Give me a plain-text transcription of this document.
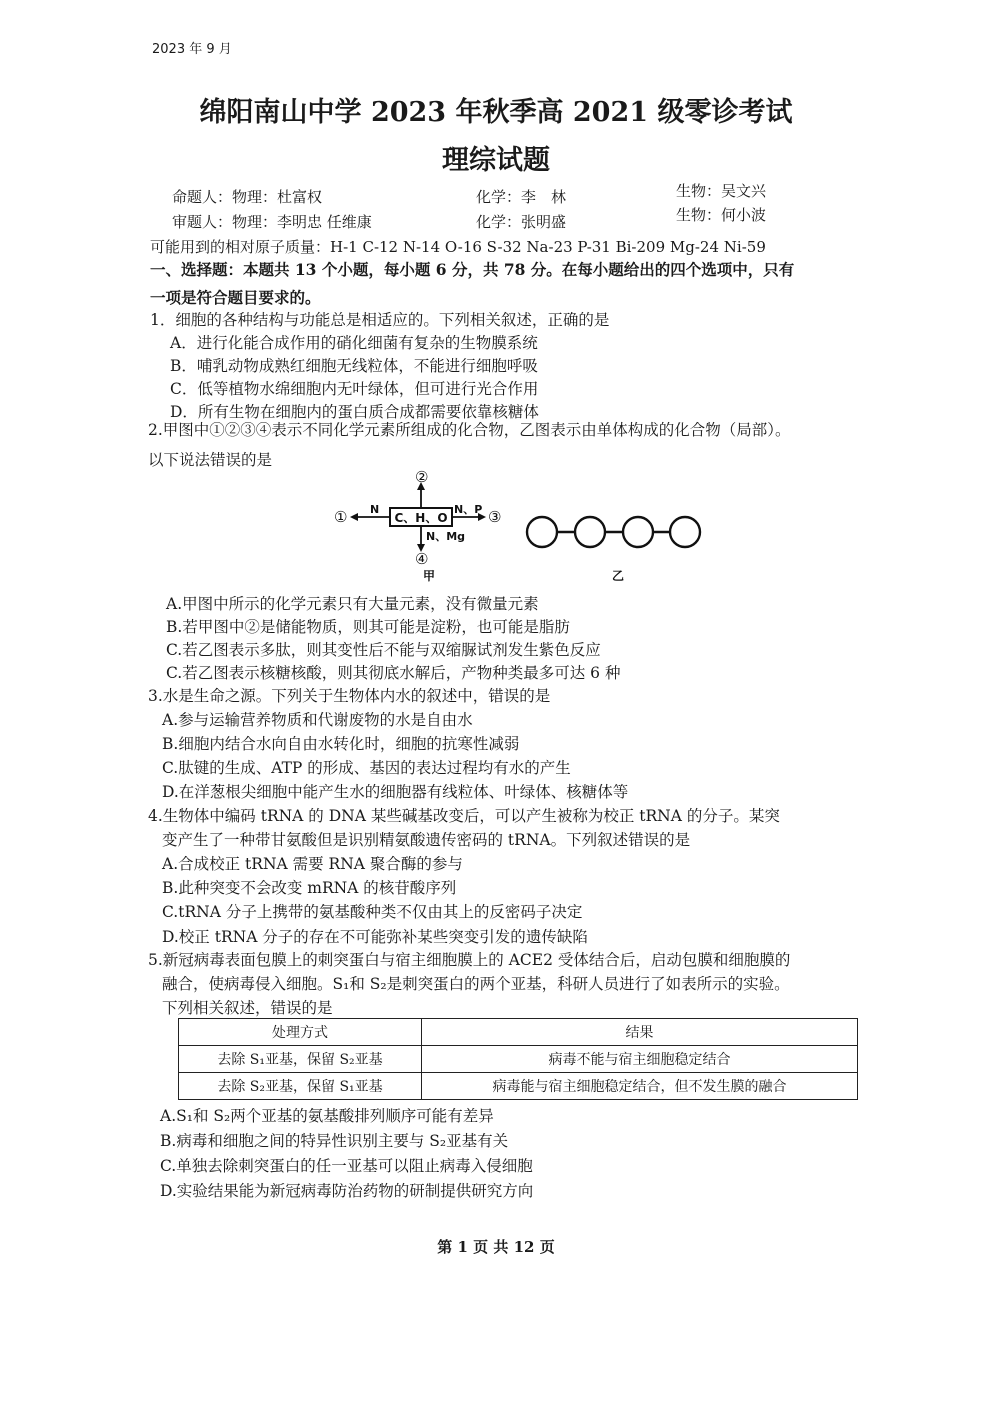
2023 年 9 月
绵阳南山中学 2023 年秋季高 2021 级零诊考试
理综试题
命题人：物理：杜富权	化学：李　林	生物：吴文兴
审题人：物理：李明忠 任维康	化学：张明盛	生物：何小波
可能用到的相对原子质量：H-1 C-12 N-14 O-16 S-32 Na-23 P-31 Bi-209 Mg-24 Ni-59
一、选择题：本题共 13 个小题，每小题 6 分，共 78 分。在每小题给出的四个选项中，只有
一项是符合题目要求的。
1．细胞的各种结构与功能总是相适应的。下列相关叙述，正确的是
A．进行化能合成作用的硝化细菌有复杂的生物膜系统
B．哺乳动物成熟红细胞无线粒体，不能进行细胞呼吸
C．低等植物水绵细胞内无叶绿体，但可进行光合作用
D．所有生物在细胞内的蛋白质合成都需要依靠核糖体
2.甲图中①②③④表示不同化学元素所组成的化合物，乙图表示由单体构成的化合物（局部）。
以下说法错误的是
C、H、O
N
①
②
N、P ③
N、Mg
④
甲	乙
A.甲图中所示的化学元素只有大量元素，没有微量元素
B.若甲图中②是储能物质，则其可能是淀粉，也可能是脂肪
C.若乙图表示多肽，则其变性后不能与双缩脲试剂发生紫色反应
C.若乙图表示核糖核酸，则其彻底水解后，产物种类最多可达 6 种
3.水是生命之源。下列关于生物体内水的叙述中，错误的是
A.参与运输营养物质和代谢废物的水是自由水
B.细胞内结合水向自由水转化时，细胞的抗寒性减弱
C.肽键的生成、ATP 的形成、基因的表达过程均有水的产生
D.在洋葱根尖细胞中能产生水的细胞器有线粒体、叶绿体、核糖体等
4.生物体中编码 tRNA 的 DNA 某些碱基改变后，可以产生被称为校正 tRNA 的分子。某突
变产生了一种带甘氨酸但是识别精氨酸遗传密码的 tRNA。下列叙述错误的是
A.合成校正 tRNA 需要 RNA 聚合酶的参与
B.此种突变不会改变 mRNA 的核苷酸序列
C.tRNA 分子上携带的氨基酸种类不仅由其上的反密码子决定
D.校正 tRNA 分子的存在不可能弥补某些突变引发的遗传缺陷
5.新冠病毒表面包膜上的刺突蛋白与宿主细胞膜上的 ACE2 受体结合后，启动包膜和细胞膜的
融合，使病毒侵入细胞。S₁和 S₂是刺突蛋白的两个亚基，科研人员进行了如表所示的实验。
下列相关叙述，错误的是
处理方式	结果
去除 S₁亚基，保留 S₂亚基	病毒不能与宿主细胞稳定结合
去除 S₂亚基，保留 S₁亚基	病毒能与宿主细胞稳定结合，但不发生膜的融合
A.S₁和 S₂两个亚基的氨基酸排列顺序可能有差异
B.病毒和细胞之间的特异性识别主要与 S₂亚基有关
C.单独去除刺突蛋白的任一亚基可以阻止病毒入侵细胞
D.实验结果能为新冠病毒防治药物的研制提供研究方向
第 1 页 共 12 页
